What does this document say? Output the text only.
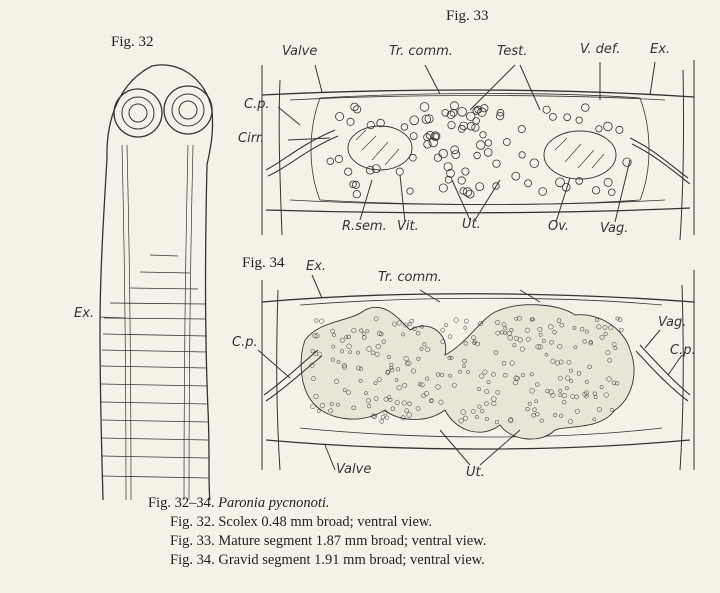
Fig. 32
Fig. 33
Fig. 34
Ex.
Valve	Tr. comm.	Test.	V. def. Ex.
C.p.
Cirr.
R.sem. Vit.	Ut.	Ov. Vag.
Ex.
Tr. comm.
Vag.
C.p.
C.p.
Valve	Ut.
Fig. 32–34. Paronia pycnonoti.
Fig. 32. Scolex 0.48 mm broad; ventral view.
Fig. 33. Mature segment 1.87 mm broad; ventral view.
Fig. 34. Gravid segment 1.91 mm broad; ventral view.
